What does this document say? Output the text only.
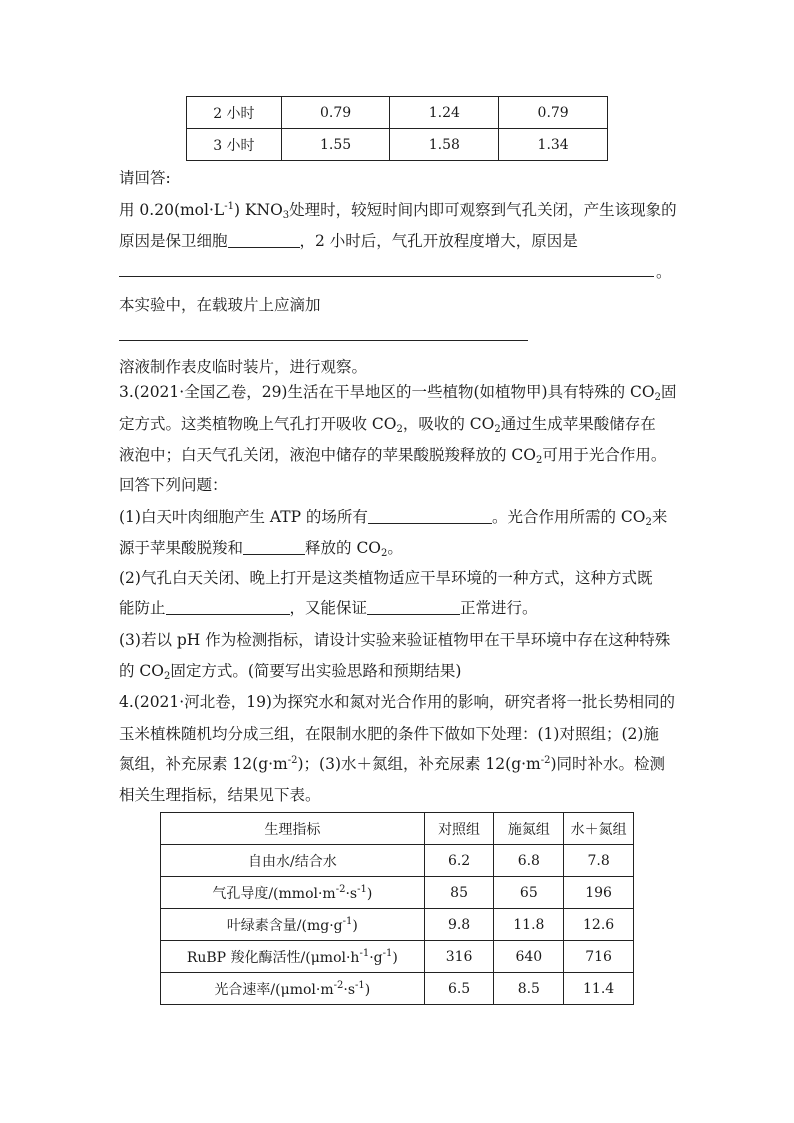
2 小时	0.79	1.24	0.79
3 小时	1.55	1.58	1.34
请回答:
用 $0.20(mol\cdot L^{-1})$ $KNO_3$处理时，较短时间内即可观察到气孔关闭，产生该现象的
原因是保卫细胞	，2 小时后，气孔开放程度增大，原因是
。
本实验中，在载玻片上应滴加
溶液制作表皮临时装片，进行观察。
3.(2021·全国乙卷，29)生活在干旱地区的一些植物(如植物甲)具有特殊的 $CO_2$固
定方式。这类植物晚上气孔打开吸收 $CO_2$，吸收的 $CO_2$通过生成苹果酸储存在
液泡中；白天气孔关闭，液泡中储存的苹果酸脱羧释放的 $CO_2$可用于光合作用。
回答下列问题：
(1)白天叶肉细胞产生 ATP 的场所有	。光合作用所需的 $CO_2$来
源于苹果酸脱羧和	释放的 $CO_2$。
(2)气孔白天关闭、晚上打开是这类植物适应干旱环境的一种方式，这种方式既
能防止	，又能保证	正常进行。
(3)若以 pH 作为检测指标，请设计实验来验证植物甲在干旱环境中存在这种特殊
的 $CO_2$固定方式。(简要写出实验思路和预期结果)
4.(2021·河北卷，19)为探究水和氮对光合作用的影响，研究者将一批长势相同的
玉米植株随机均分成三组，在限制水肥的条件下做如下处理：(1)对照组；(2)施
氮组，补充尿素 $12(g\cdot m^{-2})$；(3)水＋氮组，补充尿素 $12(g\cdot m^{-2})$同时补水。检测
相关生理指标，结果见下表。
生理指标	对照组	施氮组	水＋氮组
自由水/结合水	6.2	6.8	7.8
气孔导度$/(mmol\cdot m^{-2}\cdot s^{-1})$	85	65	196
叶绿素含量$/(mg\cdot g^{-1})$	9.8	11.8	12.6
RuBP 羧化酶活性$/(\mu mol\cdot h^{-1}\cdot g^{-1})$	316	640	716
光合速率$/(\mu mol\cdot m^{-2}\cdot s^{-1})$	6.5	8.5	11.4
